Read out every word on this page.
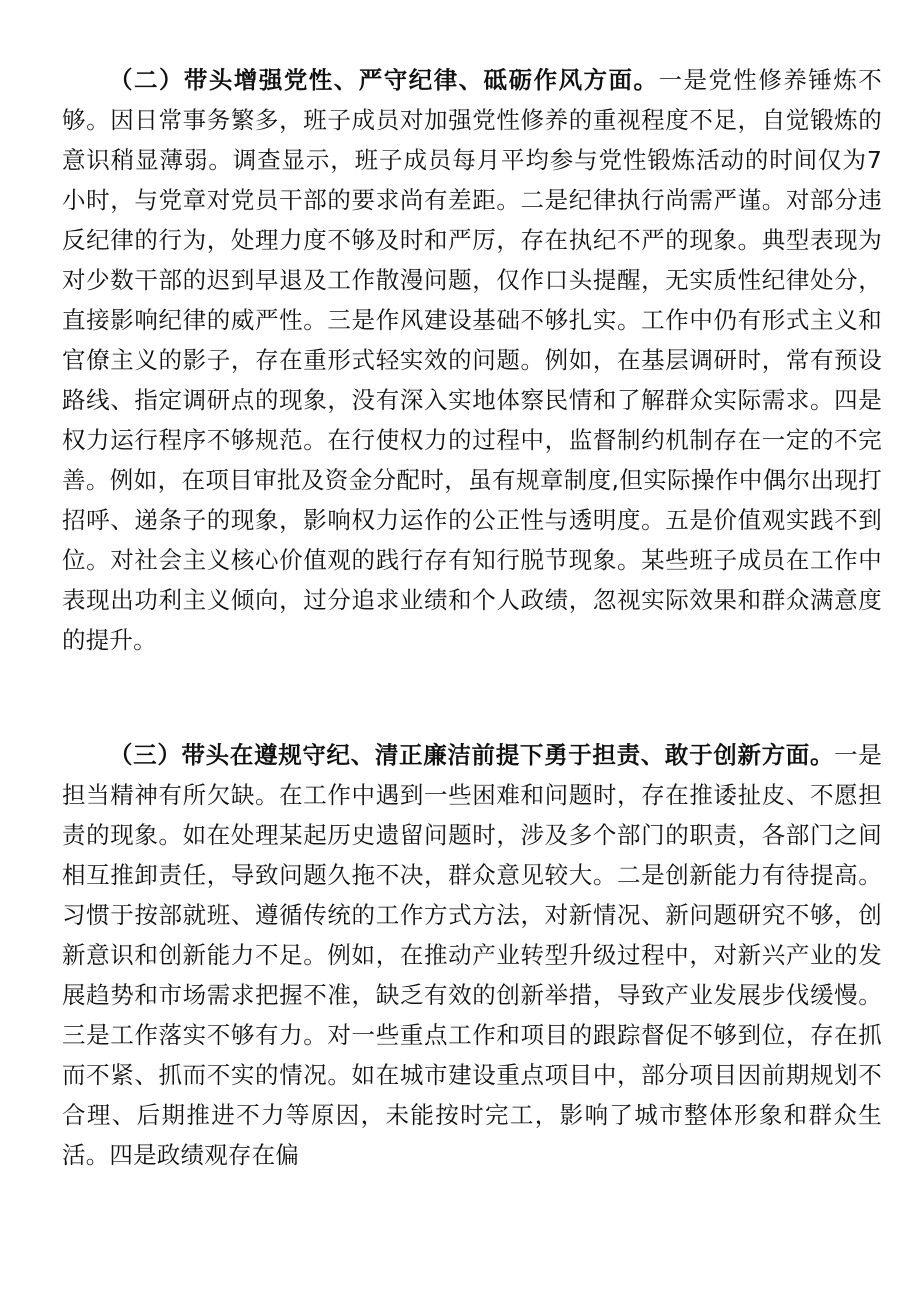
（二）带头增强党性、严守纪律、砥砺作风方面。一是党性修养锤炼不够。因日常事务繁多，班子成员对加强党性修养的重视程度不足，自觉锻炼的意识稍显薄弱。调查显示，班子成员每月平均参与党性锻炼活动的时间仅为7小时，与党章对党员干部的要求尚有差距。二是纪律执行尚需严谨。对部分违反纪律的行为，处理力度不够及时和严厉，存在执纪不严的现象。典型表现为对少数干部的迟到早退及工作散漫问题，仅作口头提醒，无实质性纪律处分，直接影响纪律的威严性。三是作风建设基础不够扎实。工作中仍有形式主义和官僚主义的影子，存在重形式轻实效的问题。例如，在基层调研时，常有预设路线、指定调研点的现象，没有深入实地体察民情和了解群众实际需求。四是权力运行程序不够规范。在行使权力的过程中，监督制约机制存在一定的不完善。例如，在项目审批及资金分配时，虽有规章制度,但实际操作中偶尔出现打招呼、递条子的现象，影响权力运作的公正性与透明度。五是价值观实践不到位。对社会主义核心价值观的践行存有知行脱节现象。某些班子成员在工作中表现出功利主义倾向，过分追求业绩和个人政绩，忽视实际效果和群众满意度的提升。

（三）带头在遵规守纪、清正廉洁前提下勇于担责、敢于创新方面。一是担当精神有所欠缺。在工作中遇到一些困难和问题时，存在推诿扯皮、不愿担责的现象。如在处理某起历史遗留问题时，涉及多个部门的职责，各部门之间相互推卸责任，导致问题久拖不决，群众意见较大。二是创新能力有待提高。习惯于按部就班、遵循传统的工作方式方法，对新情况、新问题研究不够，创新意识和创新能力不足。例如，在推动产业转型升级过程中，对新兴产业的发展趋势和市场需求把握不准，缺乏有效的创新举措，导致产业发展步伐缓慢。三是工作落实不够有力。对一些重点工作和项目的跟踪督促不够到位，存在抓而不紧、抓而不实的情况。如在城市建设重点项目中，部分项目因前期规划不合理、后期推进不力等原因，未能按时完工，影响了城市整体形象和群众生活。四是政绩观存在偏
